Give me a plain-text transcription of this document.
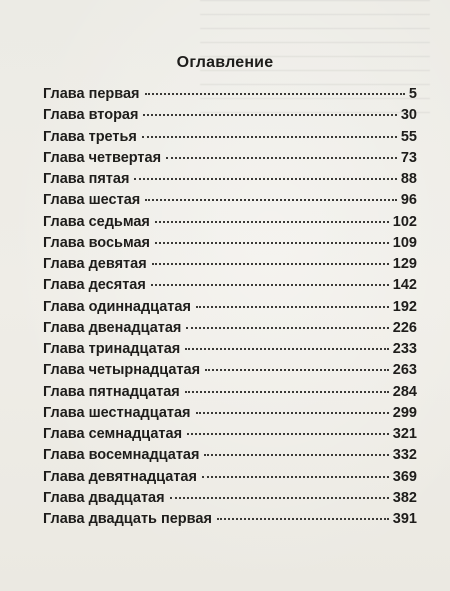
Оглавление
Глава первая	5
Глава вторая	30
Глава третья	55
Глава четвертая	73
Глава пятая	88
Глава шестая	96
Глава седьмая	102
Глава восьмая	109
Глава девятая	129
Глава десятая	142
Глава одиннадцатая	192
Глава двенадцатая	226
Глава тринадцатая	233
Глава четырнадцатая	263
Глава пятнадцатая	284
Глава шестнадцатая	299
Глава семнадцатая	321
Глава восемнадцатая	332
Глава девятнадцатая	369
Глава двадцатая	382
Глава двадцать первая	391
